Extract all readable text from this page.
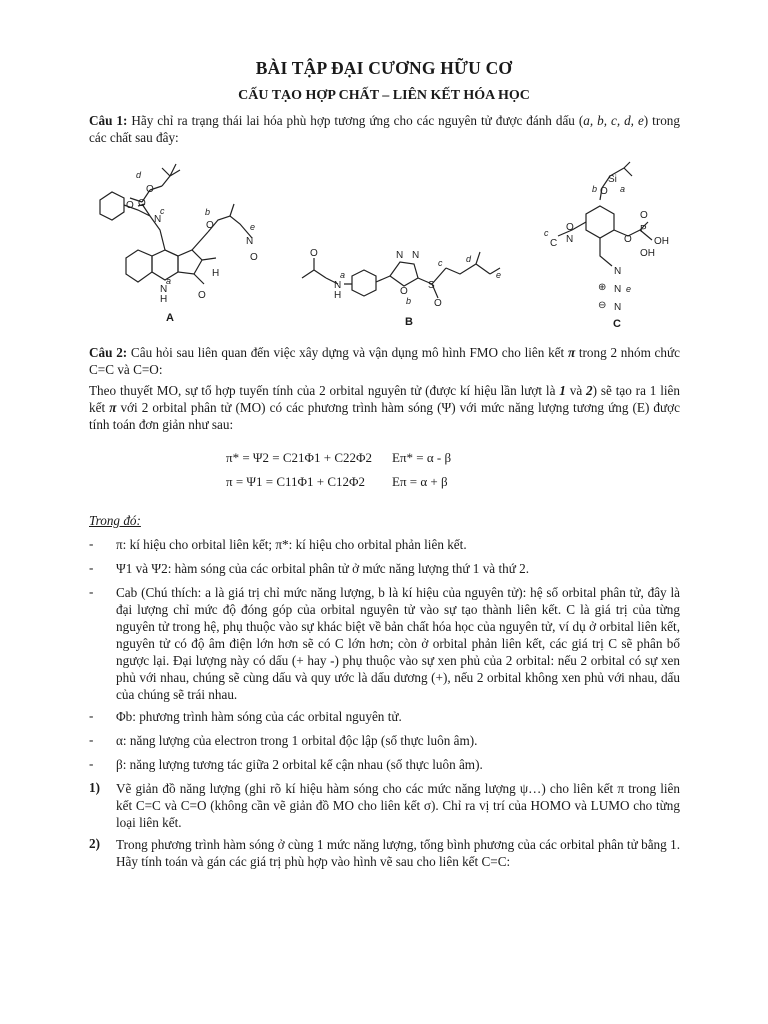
BÀI TẬP ĐẠI CƯƠNG HỮU CƠ
CẤU TẠO HỢP CHẤT – LIÊN KẾT HÓA HỌC
Câu 1: Hãy chỉ ra trạng thái lai hóa phù hợp tương ứng cho các nguyên tử được đánh dấu (a, b, c, d, e) trong các chất sau đây:
O
N
O
O
O
N
O
H
N
H	O
d
c	b
e
a
A
O
N
H
N N
O
S
O
a
b
c	d
e
B
Si
O
O
P
O
OH
OH
C N
O
N
N
N
⊕
⊖
b	a
c
e
C
Câu 2: Câu hỏi sau liên quan đến việc xây dựng và vận dụng mô hình FMO cho liên kết π trong 2 nhóm chức C=C và C=O:
Theo thuyết MO, sự tổ hợp tuyến tính của 2 orbital nguyên tử (được kí hiệu lần lượt là 1 và 2) sẽ tạo ra 1 liên kết π với 2 orbital phân tử (MO) có các phương trình hàm sóng (Ψ) với mức năng lượng tương ứng (E) được tính toán đơn giản như sau:
π* = Ψ2 = C21Φ1 + C22Φ2 Eπ* = α - β
π = Ψ1 = C11Φ1 + C12Φ2 Eπ = α + β
Trong đó:
- π: kí hiệu cho orbital liên kết; π*: kí hiệu cho orbital phản liên kết.
- Ψ1 và Ψ2: hàm sóng của các orbital phân tử ở mức năng lượng thứ 1 và thứ 2.
- Cab (Chú thích: a là giá trị chỉ mức năng lượng, b là kí hiệu của nguyên tử): hệ số orbital phân tử, đây là đại lượng chỉ mức độ đóng góp của orbital nguyên tử vào sự tạo thành liên kết. C là giá trị của từng nguyên tử trong hệ, phụ thuộc vào sự khác biệt về bản chất hóa học của nguyên tử, ví dụ ở orbital liên kết, nguyên tử có độ âm điện lớn hơn sẽ có C lớn hơn; còn ở orbital phản liên kết, các giá trị C sẽ phân bố ngược lại. Đại lượng này có dấu (+ hay -) phụ thuộc vào sự xen phủ của 2 orbital: nếu 2 orbital có sự xen phủ với nhau, chúng sẽ cùng dấu và quy ước là dấu dương (+), nếu 2 orbital không xen phủ với nhau, dấu của chúng sẽ trái nhau.
- Φb: phương trình hàm sóng của các orbital nguyên tử.
- α: năng lượng của electron trong 1 orbital độc lập (số thực luôn âm).
- β: năng lượng tương tác giữa 2 orbital kế cận nhau (số thực luôn âm).
1) Vẽ giản đồ năng lượng (ghi rõ kí hiệu hàm sóng cho các mức năng lượng ψ…) cho liên kết π trong liên kết C=C và C=O (không cần vẽ giản đồ MO cho liên kết σ). Chỉ ra vị trí của HOMO và LUMO cho từng loại liên kết.
2) Trong phương trình hàm sóng ở cùng 1 mức năng lượng, tổng bình phương của các orbital phân tử bằng 1. Hãy tính toán và gán các giá trị phù hợp vào hình vẽ sau cho liên kết C=C:
